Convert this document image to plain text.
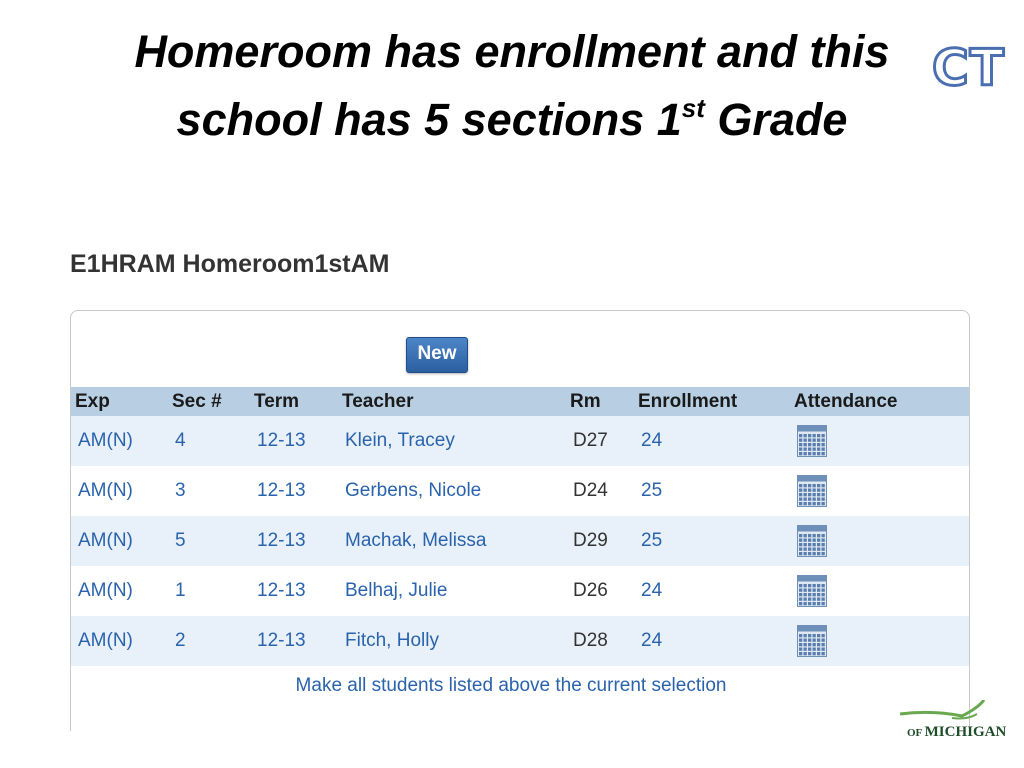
Homeroom has enrollment and this
school has 5 sections 1st Grade
CT
E1HRAM Homeroom1stAM
New
Exp	Sec #	Term	Teacher	Rm	Enrollment	Attendance
AM(N)	4	12-13	Klein, Tracey	D27	24	
AM(N)	3	12-13	Gerbens, Nicole	D24	25	
AM(N)	5	12-13	Machak, Melissa	D29	25	
AM(N)	1	12-13	Belhaj, Julie	D26	24	
AM(N)	2	12-13	Fitch, Holly	D28	24	
Make all students listed above the current selection
OF MICHIGAN
